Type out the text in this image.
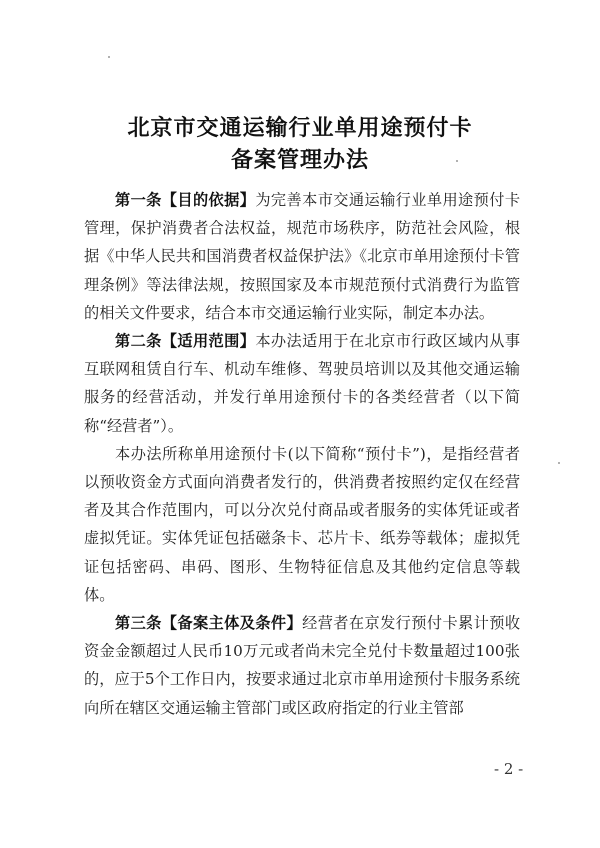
北京市交通运输行业单用途预付卡
备案管理办法

第一条【目的依据】为完善本市交通运输行业单用途预付卡管理，保护消费者合法权益，规范市场秩序，防范社会风险，根据《中华人民共和国消费者权益保护法》《北京市单用途预付卡管理条例》等法律法规，按照国家及本市规范预付式消费行为监管的相关文件要求，结合本市交通运输行业实际，制定本办法。

第二条【适用范围】本办法适用于在北京市行政区域内从事互联网租赁自行车、机动车维修、驾驶员培训以及其他交通运输服务的经营活动，并发行单用途预付卡的各类经营者（以下简称“经营者”）。

本办法所称单用途预付卡(以下简称“预付卡”)，是指经营者以预收资金方式面向消费者发行的，供消费者按照约定仅在经营者及其合作范围内，可以分次兑付商品或者服务的实体凭证或者虚拟凭证。实体凭证包括磁条卡、芯片卡、纸券等载体；虚拟凭证包括密码、串码、图形、生物特征信息及其他约定信息等载体。

第三条【备案主体及条件】经营者在京发行预付卡累计预收资金金额超过人民币10万元或者尚未完全兑付卡数量超过100张的，应于5个工作日内，按要求通过北京市单用途预付卡服务系统向所在辖区交通运输主管部门或区政府指定的行业主管部

- 2 -
